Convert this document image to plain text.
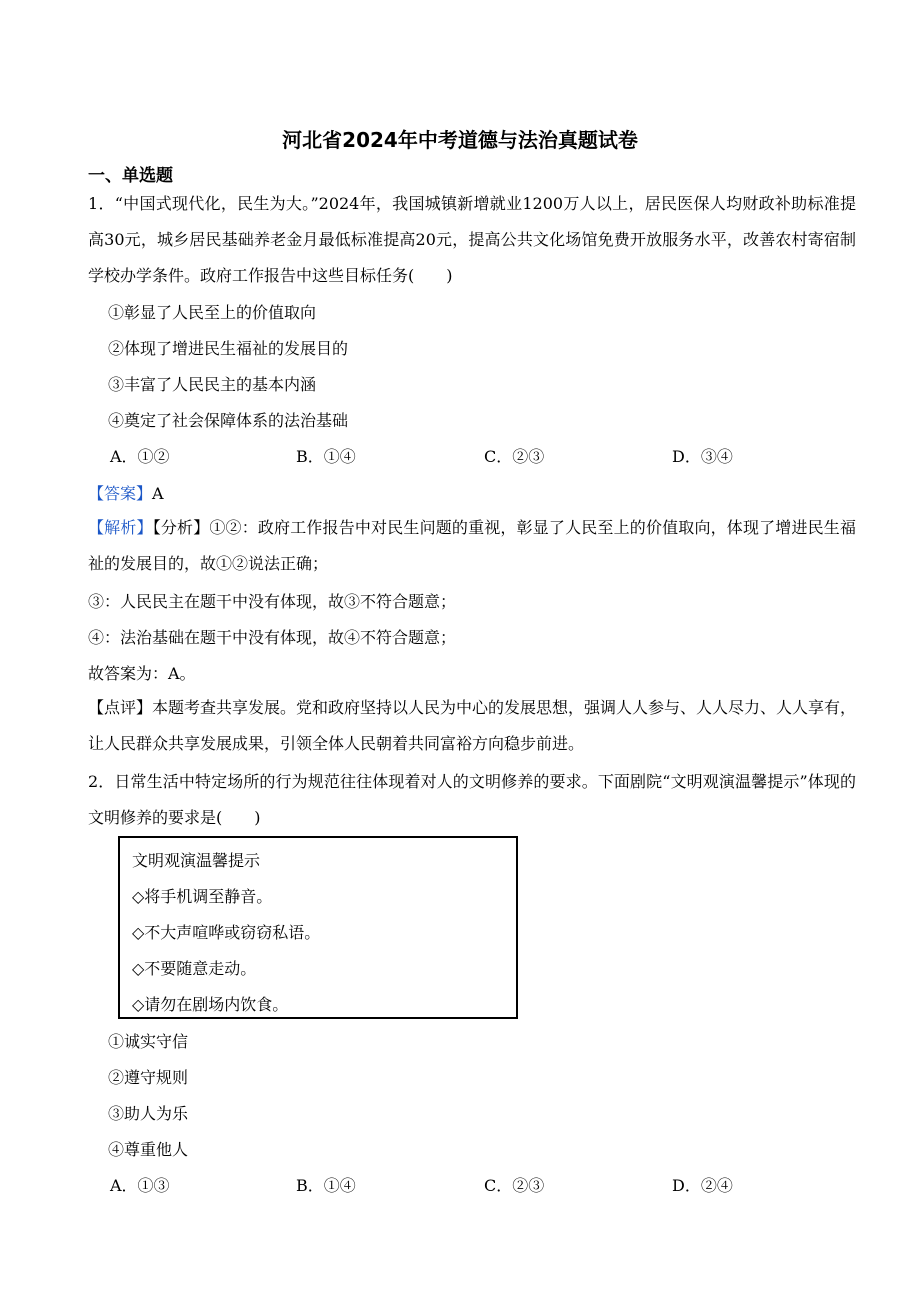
河北省2024年中考道德与法治真题试卷
一、单选题
1．“中国式现代化，民生为大。”2024年，我国城镇新增就业1200万人以上，居民医保人均财政补助标准提高30元，城乡居民基础养老金月最低标准提高20元，提高公共文化场馆免费开放服务水平，改善农村寄宿制学校办学条件。政府工作报告中这些目标任务(　　)
①彰显了人民至上的价值取向
②体现了增进民生福祉的发展目的
③丰富了人民民主的基本内涵
④奠定了社会保障体系的法治基础
A．①②	B．①④	C．②③	D．③④
【答案】A
【解析】【分析】①②：政府工作报告中对民生问题的重视，彰显了人民至上的价值取向，体现了增进民生福祉的发展目的，故①②说法正确；
③：人民民主在题干中没有体现，故③不符合题意；
④：法治基础在题干中没有体现，故④不符合题意；
故答案为：A。
【点评】本题考查共享发展。党和政府坚持以人民为中心的发展思想，强调人人参与、人人尽力、人人享有，让人民群众共享发展成果，引领全体人民朝着共同富裕方向稳步前进。
2．日常生活中特定场所的行为规范往往体现着对人的文明修养的要求。下面剧院“文明观演温馨提示”体现的文明修养的要求是(　　)
文明观演温馨提示
◇将手机调至静音。
◇不大声喧哗或窃窃私语。
◇不要随意走动。
◇请勿在剧场内饮食。
①诚实守信
②遵守规则
③助人为乐
④尊重他人
A．①③	B．①④	C．②③	D．②④
